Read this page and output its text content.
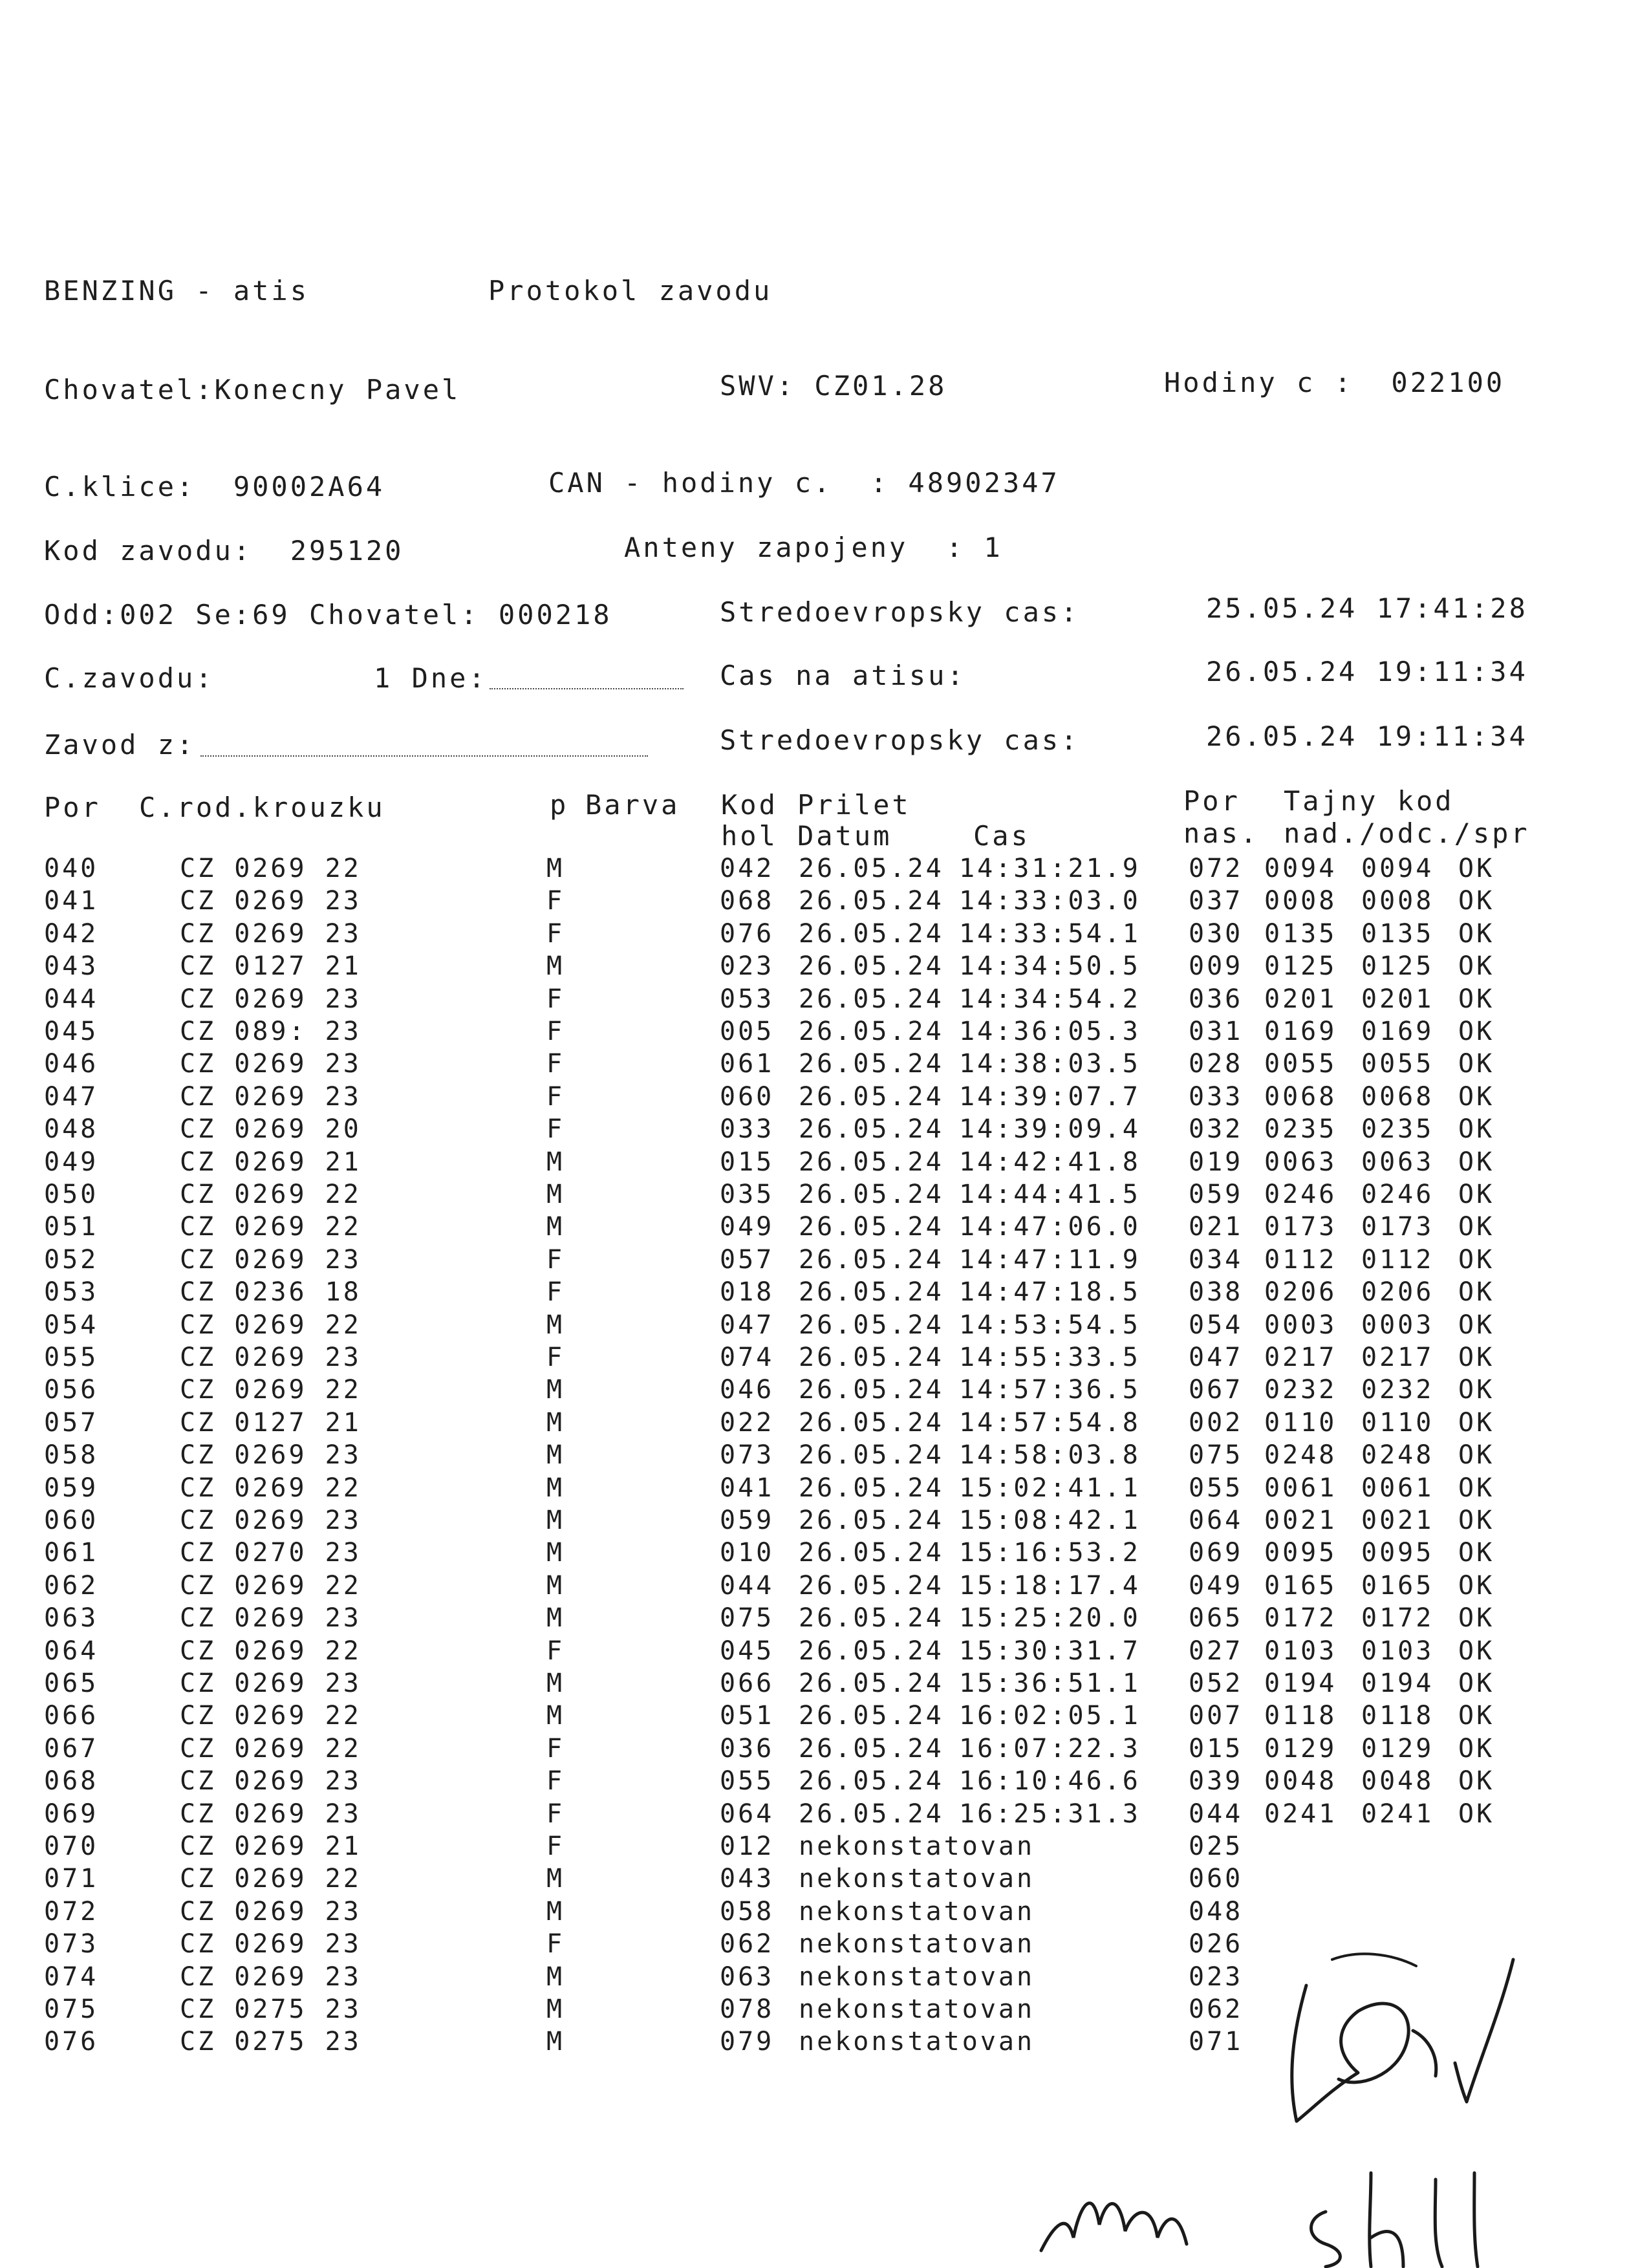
BENZING - atis	Protokol zavodu
Chovatel:Konecny Pavel	SWV: CZ01.28	Hodiny c :  022100
C.klice:  90002A64	CAN - hodiny c.  : 48902347
Kod zavodu:  295120	Anteny zapojeny  : 1
Odd:002 Se:69 Chovatel: 000218	Stredoevropsky cas:	25.05.24 17:41:28
C.zavodu:	1 Dne:	Cas na atisu:	26.05.24 19:11:34
Zavod z:	Stredoevropsky cas:	26.05.24 19:11:34
Por C.rod.krouzku	p Barva Kod Prilet	Por Tajny kod
hol Datum	Cas	nas. nad./odc./spr
040	CZ 0269 22	M	042 26.05.24 14:31:21.9 072 0094 0094 OK
041	CZ 0269 23	F	068 26.05.24 14:33:03.0 037 0008 0008 OK
042	CZ 0269 23	F	076 26.05.24 14:33:54.1 030 0135 0135 OK
043	CZ 0127 21	M	023 26.05.24 14:34:50.5 009 0125 0125 OK
044	CZ 0269 23	F	053 26.05.24 14:34:54.2 036 0201 0201 OK
045	CZ 089: 23	F	005 26.05.24 14:36:05.3 031 0169 0169 OK
046	CZ 0269 23	F	061 26.05.24 14:38:03.5 028 0055 0055 OK
047	CZ 0269 23	F	060 26.05.24 14:39:07.7 033 0068 0068 OK
048	CZ 0269 20	F	033 26.05.24 14:39:09.4 032 0235 0235 OK
049	CZ 0269 21	M	015 26.05.24 14:42:41.8 019 0063 0063 OK
050	CZ 0269 22	M	035 26.05.24 14:44:41.5 059 0246 0246 OK
051	CZ 0269 22	M	049 26.05.24 14:47:06.0 021 0173 0173 OK
052	CZ 0269 23	F	057 26.05.24 14:47:11.9 034 0112 0112 OK
053	CZ 0236 18	F	018 26.05.24 14:47:18.5 038 0206 0206 OK
054	CZ 0269 22	M	047 26.05.24 14:53:54.5 054 0003 0003 OK
055	CZ 0269 23	F	074 26.05.24 14:55:33.5 047 0217 0217 OK
056	CZ 0269 22	M	046 26.05.24 14:57:36.5 067 0232 0232 OK
057	CZ 0127 21	M	022 26.05.24 14:57:54.8 002 0110 0110 OK
058	CZ 0269 23	M	073 26.05.24 14:58:03.8 075 0248 0248 OK
059	CZ 0269 22	M	041 26.05.24 15:02:41.1 055 0061 0061 OK
060	CZ 0269 23	M	059 26.05.24 15:08:42.1 064 0021 0021 OK
061	CZ 0270 23	M	010 26.05.24 15:16:53.2 069 0095 0095 OK
062	CZ 0269 22	M	044 26.05.24 15:18:17.4 049 0165 0165 OK
063	CZ 0269 23	M	075 26.05.24 15:25:20.0 065 0172 0172 OK
064	CZ 0269 22	F	045 26.05.24 15:30:31.7 027 0103 0103 OK
065	CZ 0269 23	M	066 26.05.24 15:36:51.1 052 0194 0194 OK
066	CZ 0269 22	M	051 26.05.24 16:02:05.1 007 0118 0118 OK
067	CZ 0269 22	F	036 26.05.24 16:07:22.3 015 0129 0129 OK
068	CZ 0269 23	F	055 26.05.24 16:10:46.6 039 0048 0048 OK
069	CZ 0269 23	F	064 26.05.24 16:25:31.3 044 0241 0241 OK
070	CZ 0269 21	F	012 nekonstatovan	025
071	CZ 0269 22	M	043 nekonstatovan	060
072	CZ 0269 23	M	058 nekonstatovan	048
073	CZ 0269 23	F	062 nekonstatovan	026
074	CZ 0269 23	M	063 nekonstatovan	023
075	CZ 0275 23	M	078 nekonstatovan	062
076	CZ 0275 23	M	079 nekonstatovan	071
